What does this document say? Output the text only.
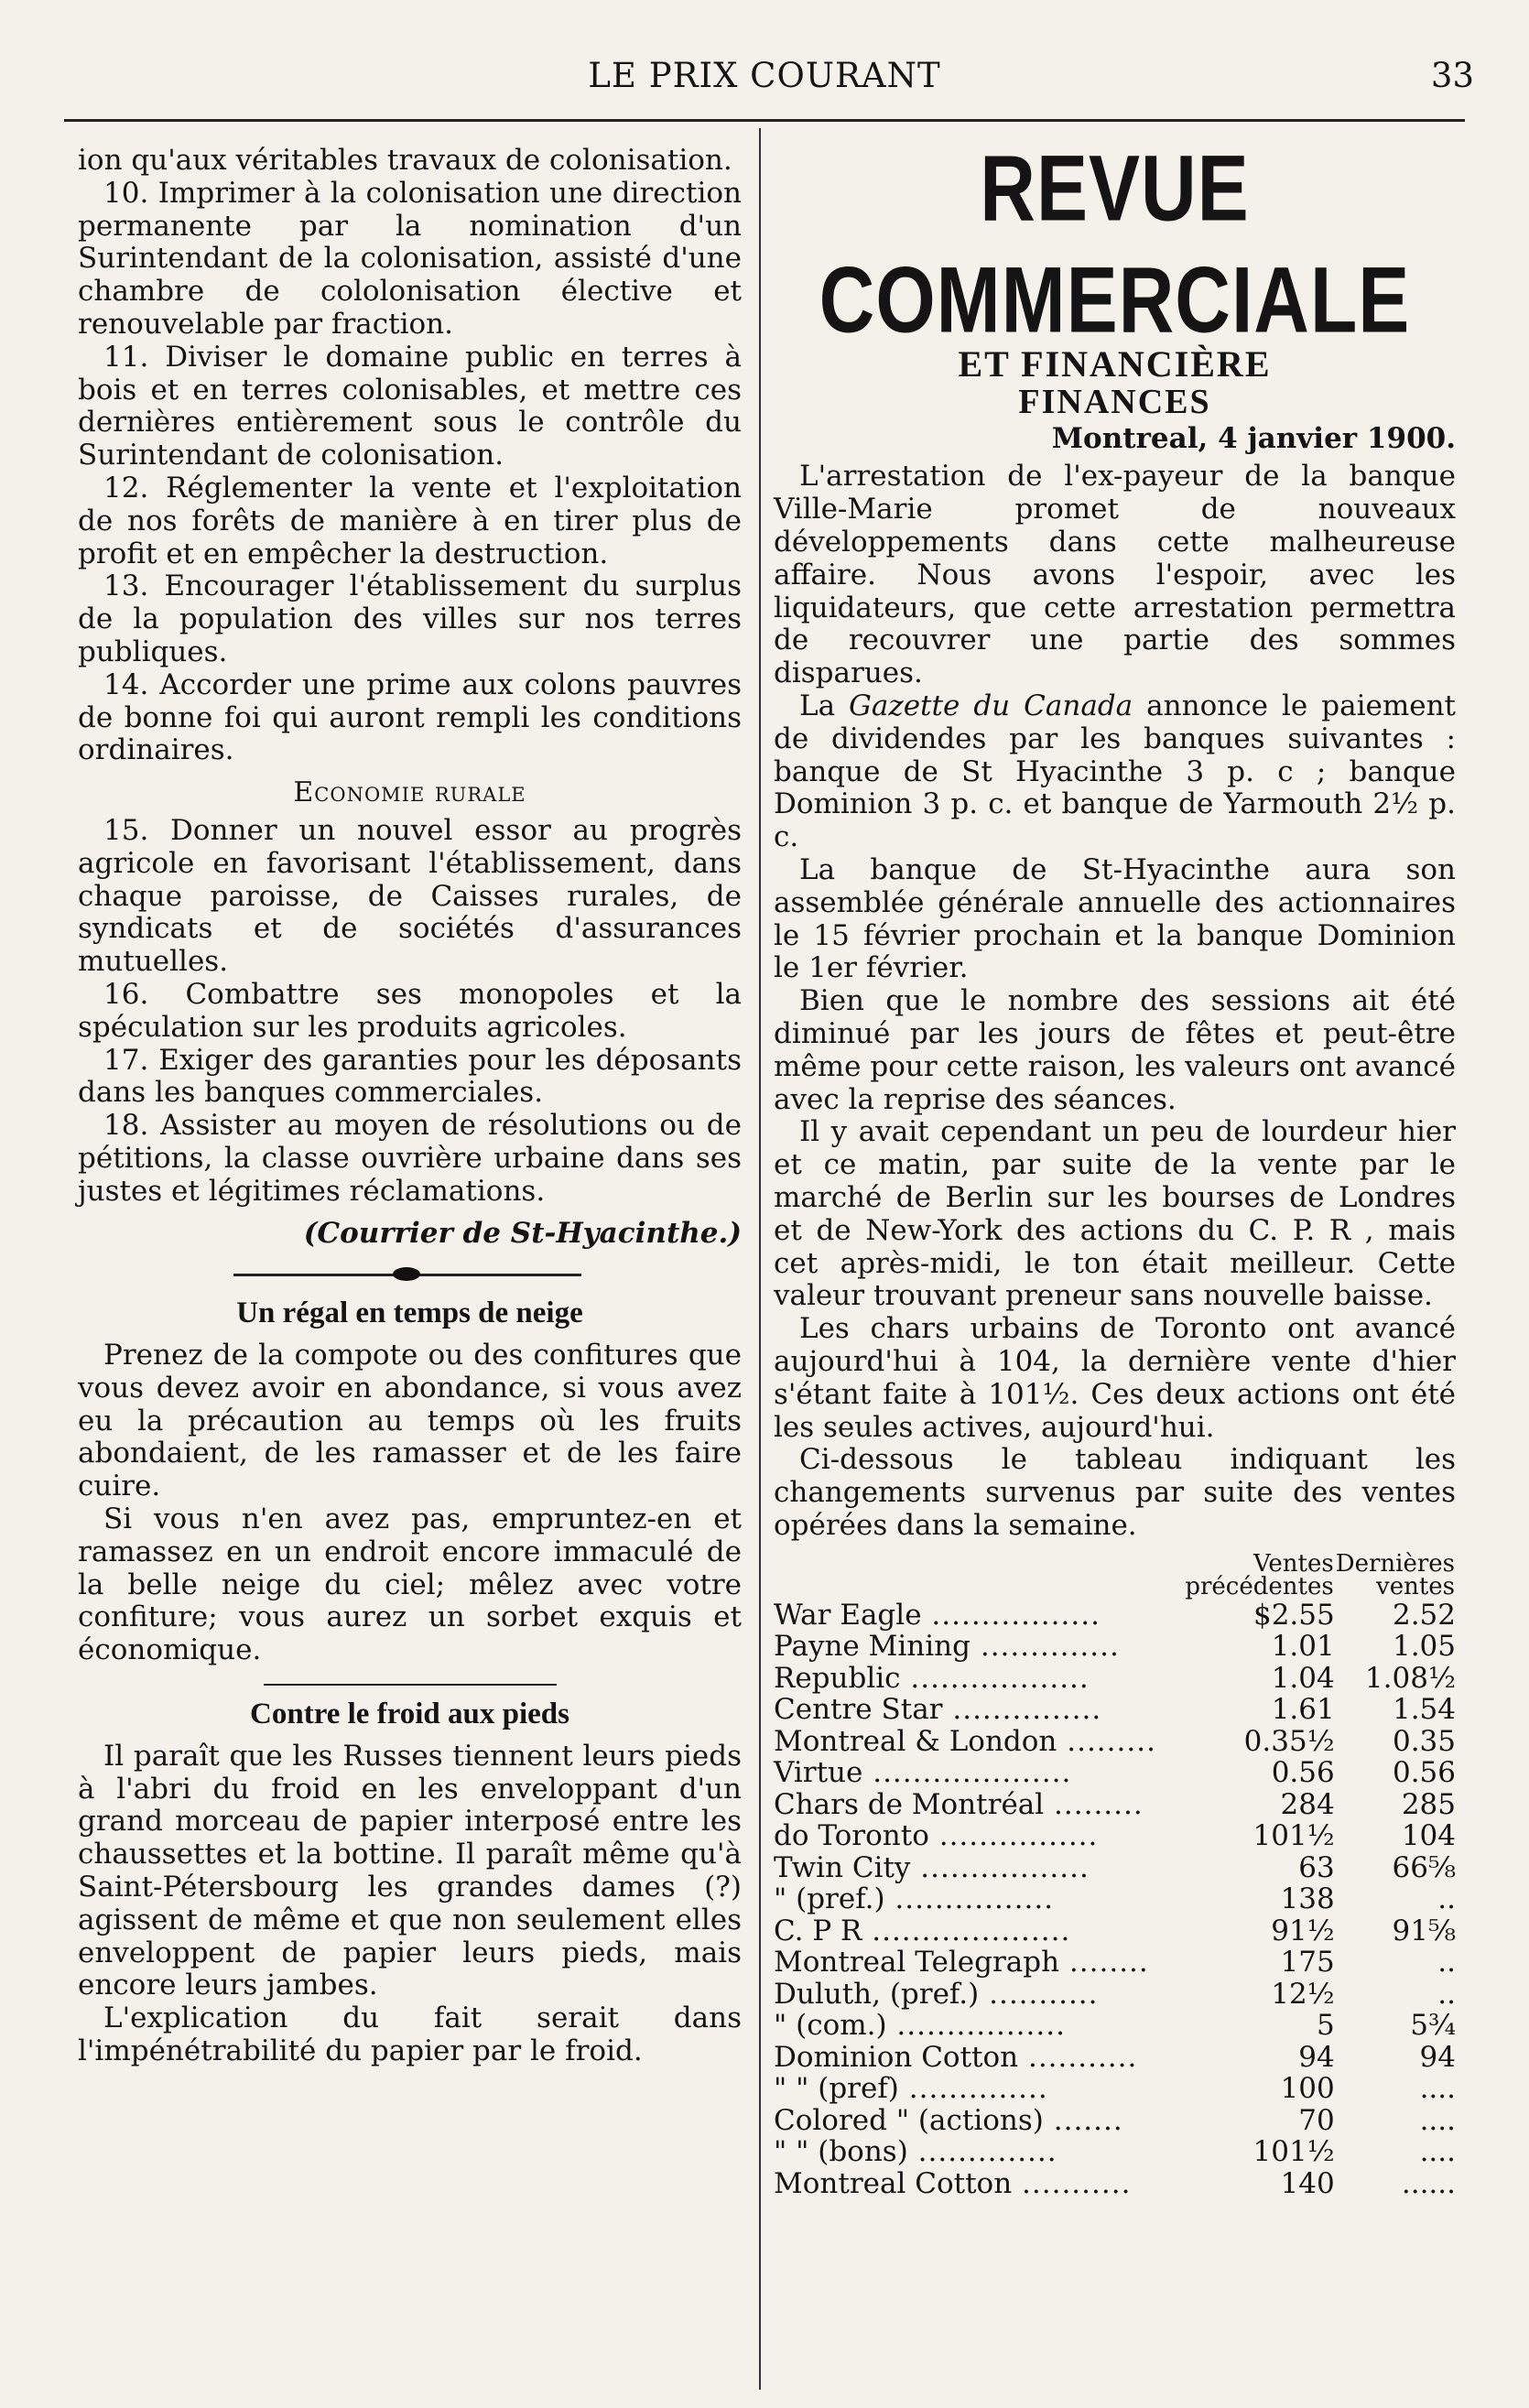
LE PRIX COURANT	33

ion qu'aux véritables travaux de colonisation.

10. Imprimer à la colonisation une direction permanente par la nomination d'un Surintendant de la colonisation, assisté d'une chambre de cololonisation élective et renouvelable par fraction.

11. Diviser le domaine public en terres à bois et en terres colonisables, et mettre ces dernières entièrement sous le contrôle du Surintendant de colonisation.

12. Réglementer la vente et l'exploitation de nos forêts de manière à en tirer plus de profit et en empêcher la destruction.

13. Encourager l'établissement du surplus de la population des villes sur nos terres publiques.

14. Accorder une prime aux colons pauvres de bonne foi qui auront rempli les conditions ordinaires.

Economie rurale

15. Donner un nouvel essor au progrès agricole en favorisant l'établissement, dans chaque paroisse, de Caisses rurales, de syndicats et de sociétés d'assurances mutuelles.

16. Combattre ses monopoles et la spéculation sur les produits agricoles.

17. Exiger des garanties pour les déposants dans les banques commerciales.

18. Assister au moyen de résolutions ou de pétitions, la classe ouvrière urbaine dans ses justes et légitimes réclamations.

(Courrier de St-Hyacinthe.)

Un régal en temps de neige

Prenez de la compote ou des confitures que vous devez avoir en abondance, si vous avez eu la précaution au temps où les fruits abondaient, de les ramasser et de les faire cuire.

Si vous n'en avez pas, empruntez-en et ramassez en un endroit encore immaculé de la belle neige du ciel; mêlez avec votre confiture; vous aurez un sorbet exquis et économique.

Contre le froid aux pieds

Il paraît que les Russes tiennent leurs pieds à l'abri du froid en les enveloppant d'un grand morceau de papier interposé entre les chaussettes et la bottine. Il paraît même qu'à Saint-Pétersbourg les grandes dames (?) agissent de même et que non seulement elles enveloppent de papier leurs pieds, mais encore leurs jambes.

L'explication du fait serait dans l'impénétrabilité du papier par le froid.

REVUE COMMERCIALE
ET FINANCIÈRE
FINANCES
Montreal, 4 janvier 1900.

L'arrestation de l'ex-payeur de la banque Ville-Marie promet de nouveaux développements dans cette malheureuse affaire. Nous avons l'espoir, avec les liquidateurs, que cette arrestation permettra de recouvrer une partie des sommes disparues.

La Gazette du Canada annonce le paiement de dividendes par les banques suivantes : banque de St Hyacinthe 3 p. c ; banque Dominion 3 p. c. et banque de Yarmouth 2½ p. c.

La banque de St-Hyacinthe aura son assemblée générale annuelle des actionnaires le 15 février prochain et la banque Dominion le 1er février.

Bien que le nombre des sessions ait été diminué par les jours de fêtes et peut-être même pour cette raison, les valeurs ont avancé avec la reprise des séances.

Il y avait cependant un peu de lourdeur hier et ce matin, par suite de la vente par le marché de Berlin sur les bourses de Londres et de New-York des actions du C. P. R , mais cet après-midi, le ton était meilleur. Cette valeur trouvant preneur sans nouvelle baisse.

Les chars urbains de Toronto ont avancé aujourd'hui à 104, la dernière vente d'hier s'étant faite à 101½. Ces deux actions ont été les seules actives, aujourd'hui.

Ci-dessous le tableau indiquant les changements survenus par suite des ventes opérées dans la semaine.

	Ventes
précédentes	Dernières
ventes
War Eagle .................	$2.55	2.52
Payne Mining ..............	1.01	1.05
Republic ..................	1.04	1.08½
Centre Star ...............	1.61	1.54
Montreal & London .........	0.35½	0.35
Virtue ....................	0.56	0.56
Chars de Montréal .........	284	285
do Toronto ................	101½	104
Twin City .................	63	66⅝
" (pref.) ................	138	..
C. P R ....................	91½	91⅝
Montreal Telegraph ........	175	..
Duluth, (pref.) ...........	12½	..
" (com.) .................	5	5¾
Dominion Cotton ...........	94	94
" " (pref) ..............	100	....
Colored " (actions) .......	70	....
" " (bons) ..............	101½	....
Montreal Cotton ...........	140	......
